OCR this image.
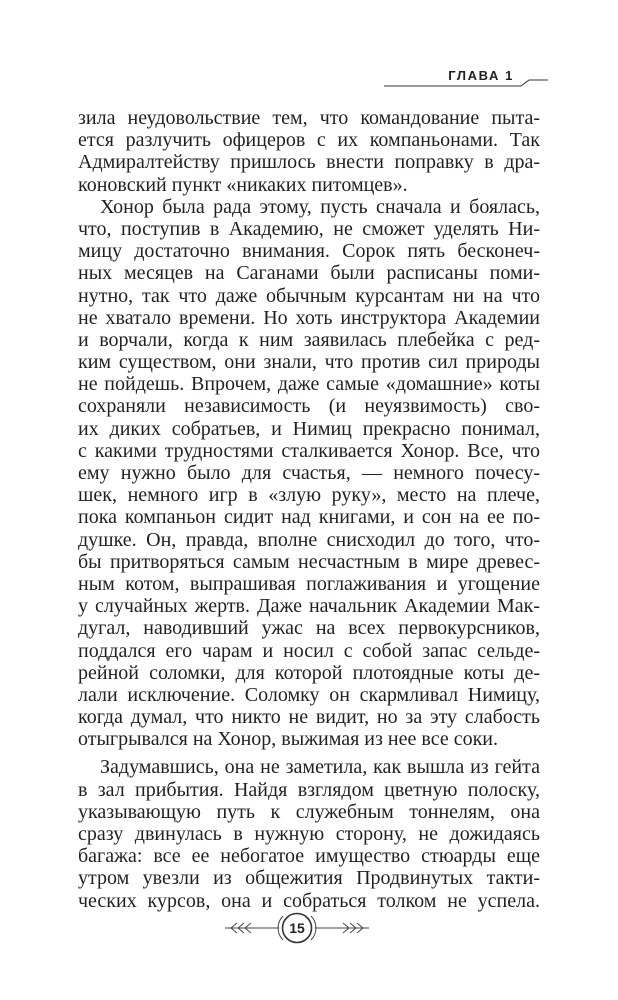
ГЛАВА 1
зила неудовольствие тем, что командование пыта-
ется разлучить офицеров с их компаньонами. Так
Адмиралтейству пришлось внести поправку в дра-
коновский пункт «никаких питомцев».
Хонор была рада этому, пусть сначала и боялась,
что, поступив в Академию, не сможет уделять Ни-
мицу достаточно внимания. Сорок пять бесконеч-
ных месяцев на Саганами были расписаны поми-
нутно, так что даже обычным курсантам ни на что
не хватало времени. Но хоть инструктора Академии
и ворчали, когда к ним заявилась плебейка с ред-
ким существом, они знали, что против сил природы
не пойдешь. Впрочем, даже самые «домашние» коты
сохраняли независимость (и неуязвимость) сво-
их диких собратьев, и Нимиц прекрасно понимал,
с какими трудностями сталкивается Хонор. Все, что
ему нужно было для счастья, — немного почесу-
шек, немного игр в «злую руку», место на плече,
пока компаньон сидит над книгами, и сон на ее по-
душке. Он, правда, вполне снисходил до того, что-
бы притворяться самым несчастным в мире древес-
ным котом, выпрашивая поглаживания и угощение
у случайных жертв. Даже начальник Академии Мак-
дугал, наводивший ужас на всех первокурсников,
поддался его чарам и носил с собой запас сельде-
рейной соломки, для которой плотоядные коты де-
лали исключение. Соломку он скармливал Нимицу,
когда думал, что никто не видит, но за эту слабость
отыгрывался на Хонор, выжимая из нее все соки.
Задумавшись, она не заметила, как вышла из гейта
в зал прибытия. Найдя взглядом цветную полоску,
указывающую путь к служебным тоннелям, она
сразу двинулась в нужную сторону, не дожидаясь
багажа: все ее небогатое имущество стюарды еще
утром увезли из общежития Продвинутых такти-
ческих курсов, она и собраться толком не успела.
15
